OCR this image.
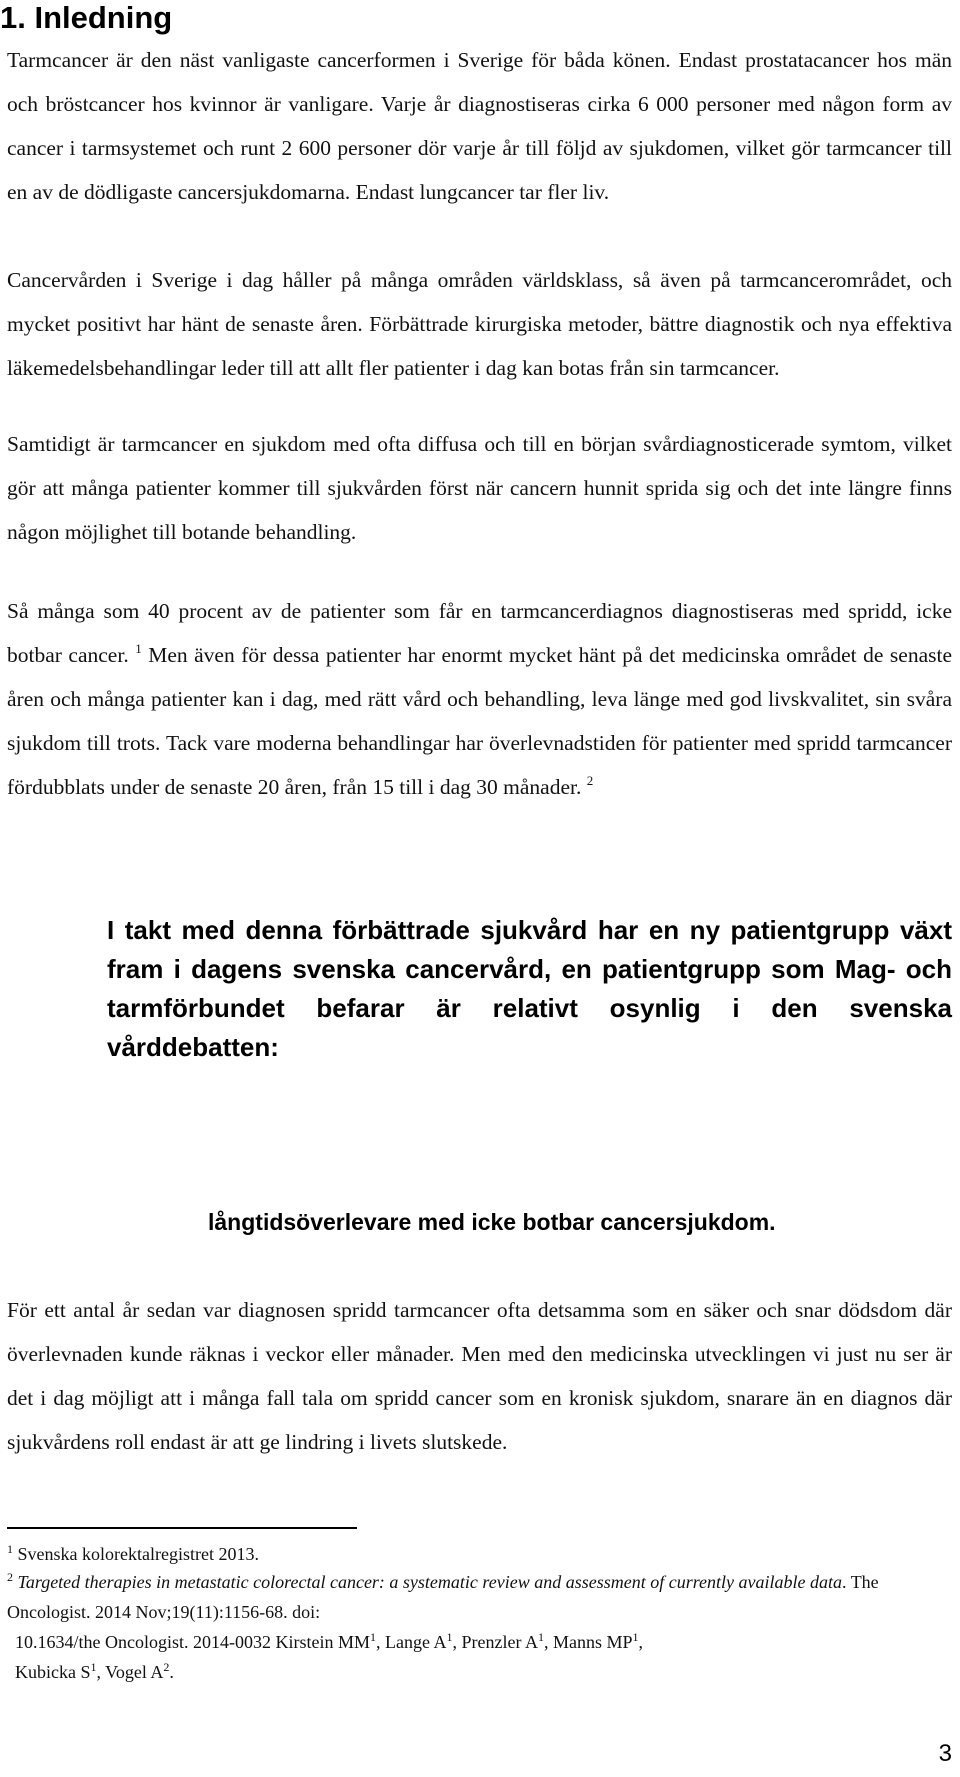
1. Inledning

Tarmcancer är den näst vanligaste cancerformen i Sverige för båda könen. Endast prostatacancer hos män och bröstcancer hos kvinnor är vanligare. Varje år diagnostiseras cirka 6 000 personer med någon form av cancer i tarmsystemet och runt 2 600 personer dör varje år till följd av sjukdomen, vilket gör tarmcancer till en av de dödligaste cancersjukdomarna. Endast lungcancer tar fler liv.

Cancervården i Sverige i dag håller på många områden världsklass, så även på tarmcancerområdet, och mycket positivt har hänt de senaste åren. Förbättrade kirurgiska metoder, bättre diagnostik och nya effektiva läkemedelsbehandlingar leder till att allt fler patienter i dag kan botas från sin tarmcancer.

Samtidigt är tarmcancer en sjukdom med ofta diffusa och till en början svårdiagnosticerade symtom, vilket gör att många patienter kommer till sjukvården först när cancern hunnit sprida sig och det inte längre finns någon möjlighet till botande behandling.

Så många som 40 procent av de patienter som får en tarmcancerdiagnos diagnostiseras med spridd, icke botbar cancer. $^1$ Men även för dessa patienter har enormt mycket hänt på det medicinska området de senaste åren och många patienter kan i dag, med rätt vård och behandling, leva länge med god livskvalitet, sin svåra sjukdom till trots. Tack vare moderna behandlingar har överlevnadstiden för patienter med spridd tarmcancer fördubblats under de senaste 20 åren, från 15 till i dag 30 månader. $^2$

I takt med denna förbättrade sjukvård har en ny patientgrupp växt fram i dagens svenska cancervård, en patientgrupp som Mag- och tarmförbundet befarar är relativt osynlig i den svenska vårddebatten:

långtidsöverlevare med icke botbar cancersjukdom.

För ett antal år sedan var diagnosen spridd tarmcancer ofta detsamma som en säker och snar dödsdom där överlevnaden kunde räknas i veckor eller månader. Men med den medicinska utvecklingen vi just nu ser är det i dag möjligt att i många fall tala om spridd cancer som en kronisk sjukdom, snarare än en diagnos där sjukvårdens roll endast är att ge lindring i livets slutskede.

$^1$ Svenska kolorektalregistret 2013.

$^2$ Targeted therapies in metastatic colorectal cancer: a systematic review and assessment of currently available data. The Oncologist. 2014 Nov;19(11):1156-68. doi:
10.1634/the Oncologist. 2014-0032 Kirstein $MM^1$, Lange $A^1$, Prenzler $A^1$, Manns $MP^1$,
Kubicka $S^1$, Vogel $A^2$.

3
